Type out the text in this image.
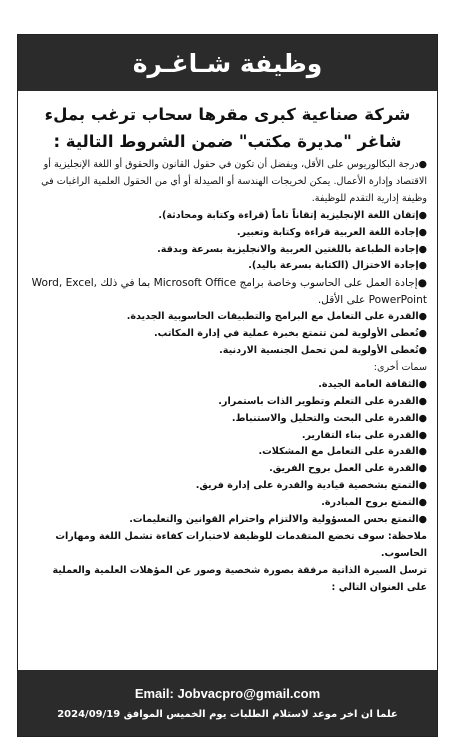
وظيفة شـاغـرة
شركة صناعية كبرى مقرها سحاب ترغب بملء
شاغر "مديرة مكتب" ضمن الشروط التالية :

●درجة البكالوريوس على الأقل، ويفضل أن تكون في حقول القانون والحقوق أو اللغة الإنجليزية أو الاقتصاد وإدارة الأعمال. يمكن لخريجات الهندسة أو الصيدلة أو أي من الحقول العلمية الراغبات في وظيفة إدارية التقدم للوظيفة.

●إتقان اللغة الإنجليزية إتقاناً تاماً (قراءة وكتابة ومحادثة).

●إجادة اللغة العربية قراءة وكتابة وتعبير.

●إجادة الطباعة باللغتين العربية والانجليزية بسرعة وبدقة.

●إجادة الاختزال (الكتابة بسرعة باليد).

●إجادة العمل على الحاسوب وخاصة برامج Microsoft Office بما في ذلك Word, Excel, PowerPoint على الأقل.

●القدرة على التعامل مع البرامج والتطبيقات الحاسوبية الجديدة.

●تُعطى الأولوية لمن تتمتع بخبرة عملية في إدارة المكاتب.

●تُعطى الأولوية لمن تحمل الجنسية الاردنية.

سمات أخرى:

●الثقافة العامة الجيدة.

●القدرة على التعلم وتطوير الذات باستمرار.

●القدرة على البحث والتحليل والاستنباط.

●القدرة على بناء التقارير.

●القدرة على التعامل مع المشكلات.

●القدرة على العمل بروح الفريق.

●التمتع بشخصية قيادية والقدرة على إدارة فريق.

●التمتع بروح المبادرة.

●التمتع بحس المسؤولية والالتزام واحترام القوانين والتعليمات.

ملاحظة: سوف تخضع المتقدمات للوظيفة لاختبارات كفاءة تشمل اللغة ومهارات الحاسوب.

ترسل السيرة الذاتية مرفقة بصورة شخصية وصور عن المؤهلات العلمية والعملية على العنوان التالي :

Email: Jobvacpro@gmail.com
علما ان اخر موعد لاستلام الطلبات يوم الخميس الموافق 2024/09/19
